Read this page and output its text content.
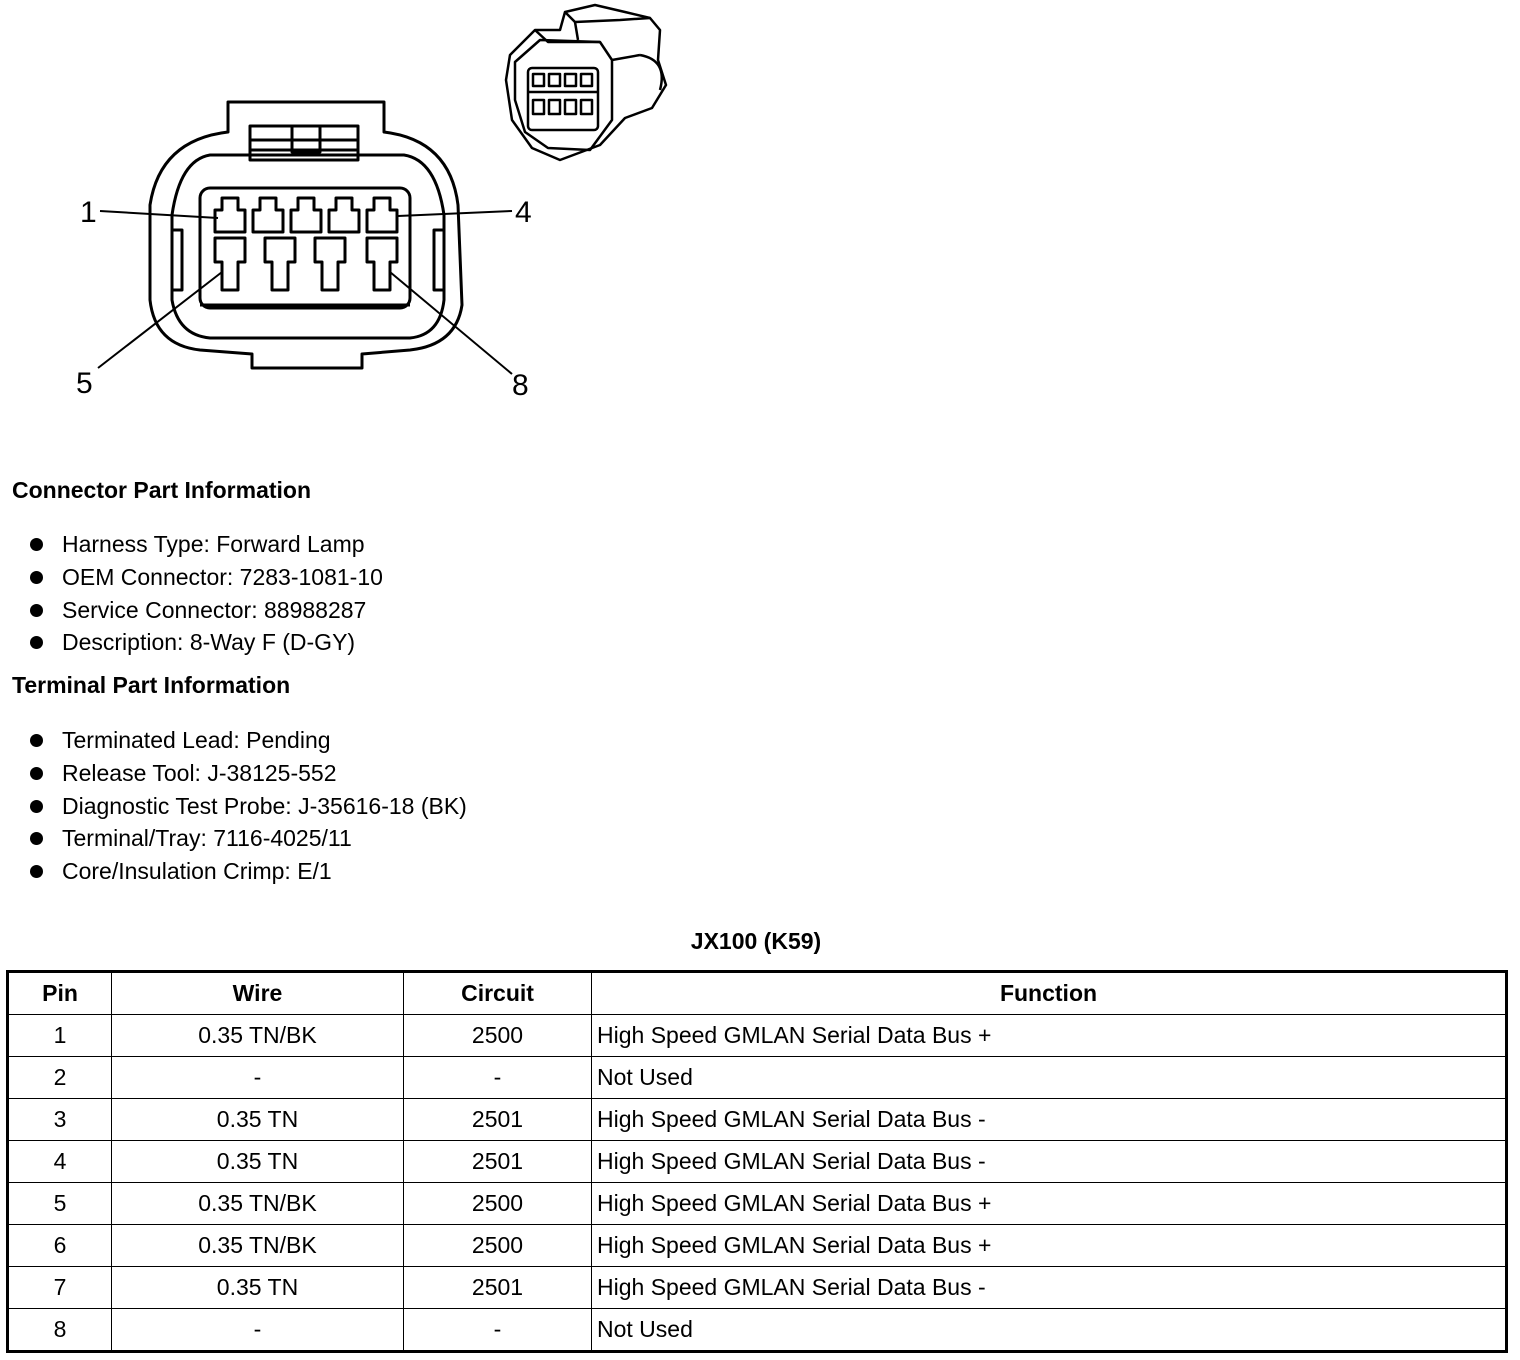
1	4
5	8
Connector Part Information
Harness Type: Forward Lamp
OEM Connector: 7283-1081-10
Service Connector: 88988287
Description: 8-Way F (D-GY)
Terminal Part Information
Terminated Lead: Pending
Release Tool: J-38125-552
Diagnostic Test Probe: J-35616-18 (BK)
Terminal/Tray: 7116-4025/11
Core/Insulation Crimp: E/1
JX100 (K59)
Pin	Wire	Circuit	Function
1	0.35 TN/BK	2500	High Speed GMLAN Serial Data Bus +
2	-	-	Not Used
3	0.35 TN	2501	High Speed GMLAN Serial Data Bus -
4	0.35 TN	2501	High Speed GMLAN Serial Data Bus -
5	0.35 TN/BK	2500	High Speed GMLAN Serial Data Bus +
6	0.35 TN/BK	2500	High Speed GMLAN Serial Data Bus +
7	0.35 TN	2501	High Speed GMLAN Serial Data Bus -
8	-	-	Not Used
